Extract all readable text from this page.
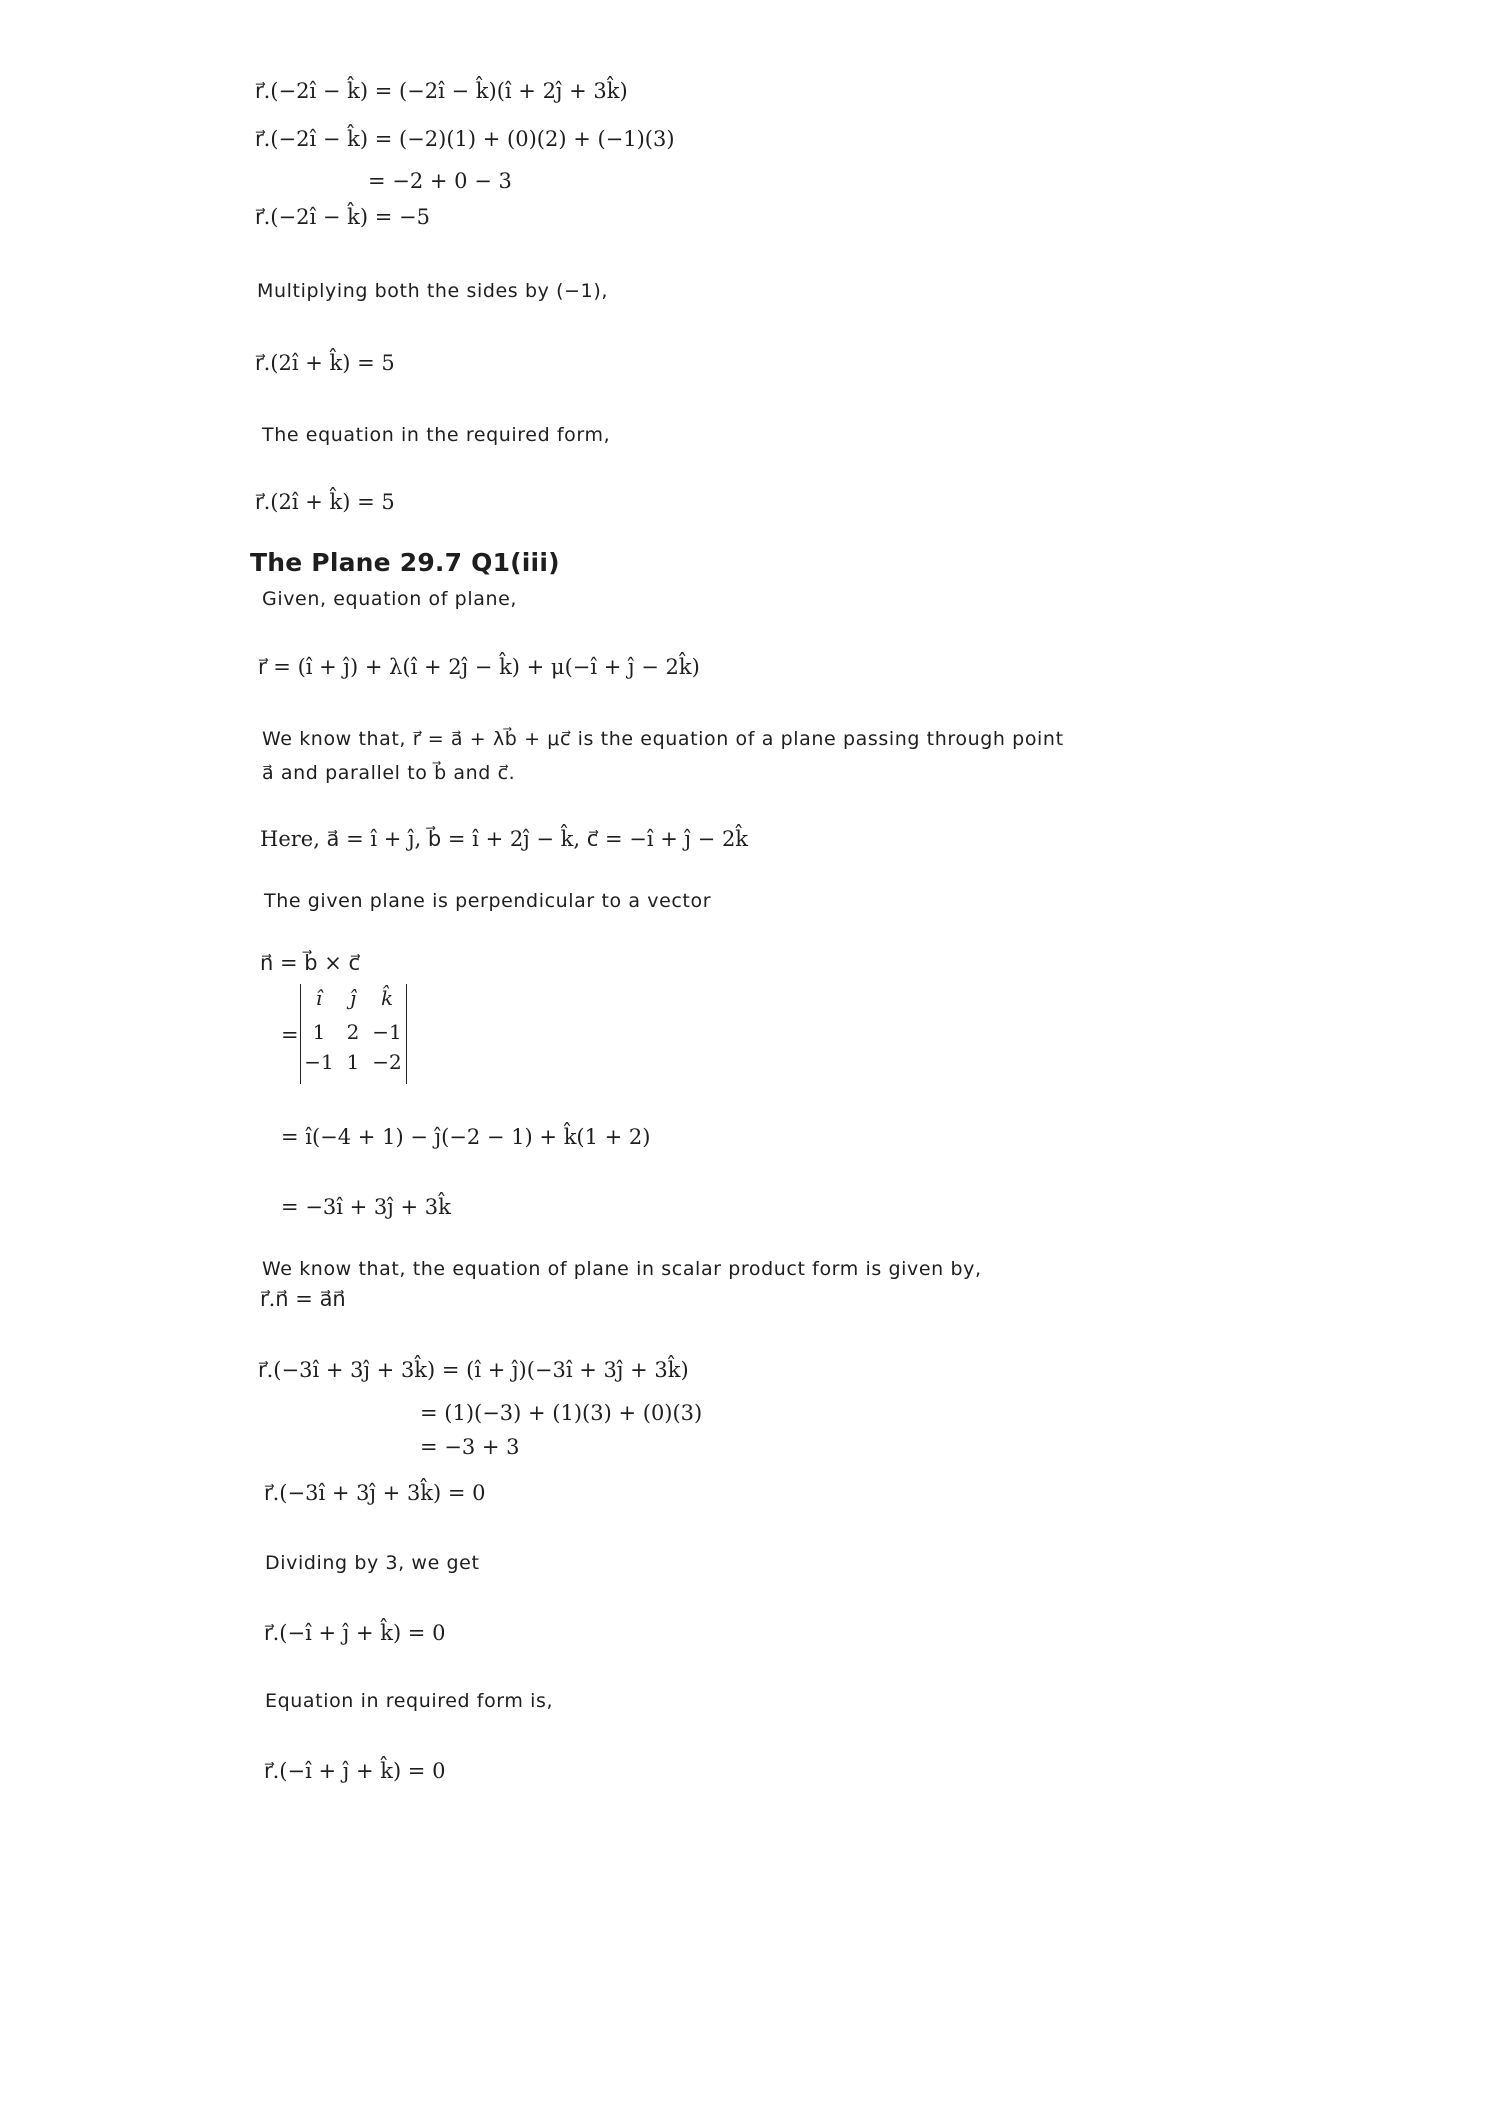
r⃗.(−2î − k̂) = (−2î − k̂)(î + 2ĵ + 3k̂)
r⃗.(−2î − k̂) = (−2)(1) + (0)(2) + (−1)(3)
= −2 + 0 − 3
r⃗.(−2î − k̂) = −5
Multiplying both the sides by (−1),
r⃗.(2î + k̂) = 5
The equation in the required form,
r⃗.(2î + k̂) = 5
The Plane 29.7 Q1(iii)
Given, equation of plane,
r⃗ = (î + ĵ) + λ(î + 2ĵ − k̂) + μ(−î + ĵ − 2k̂)
We know that, r⃗ = a⃗ + λb⃗ + μc⃗ is the equation of a plane passing through point
a⃗ and parallel to b⃗ and c⃗.
Here, a⃗ = î + ĵ, b⃗ = î + 2ĵ − k̂, c⃗ = −î + ĵ − 2k̂
The given plane is perpendicular to a vector
n⃗ = b⃗ × c⃗
=
î	ĵ	k̂
1	2 −1
−1 1 −2
= î(−4 + 1) − ĵ(−2 − 1) + k̂(1 + 2)
= −3î + 3ĵ + 3k̂
We know that, the equation of plane in scalar product form is given by,
r⃗.n⃗ = a⃗n⃗
r⃗.(−3î + 3ĵ + 3k̂) = (î + ĵ)(−3î + 3ĵ + 3k̂)
= (1)(−3) + (1)(3) + (0)(3)
= −3 + 3
r⃗.(−3î + 3ĵ + 3k̂) = 0
Dividing by 3, we get
r⃗.(−î + ĵ + k̂) = 0
Equation in required form is,
r⃗.(−î + ĵ + k̂) = 0
